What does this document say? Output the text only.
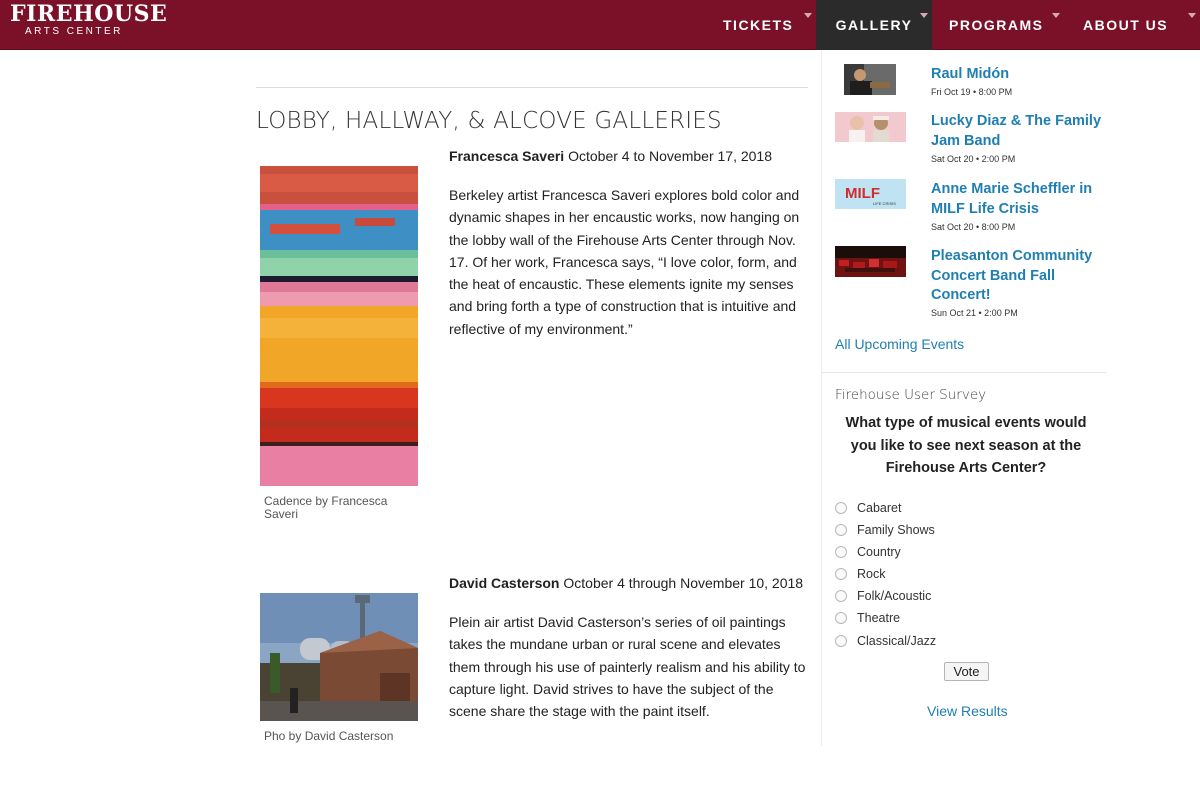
FIREHOUSE
ARTS CENTER	TICKETS	GALLERY	PROGRAMS	ABOUT US
LOBBY, HALLWAY, & ALCOVE GALLERIES
Cadence by Francesca Saveri
Francesca Saveri October 4 to November 17, 2018

Berkeley artist Francesca Saveri explores bold color and dynamic shapes in her encaustic works, now hanging on the lobby wall of the Firehouse Arts Center through Nov. 17. Of her work, Francesca says, “I love color, form, and the heat of encaustic. These elements ignite my senses and bring forth a type of construction that is intuitive and reflective of my environment.”

Pho by David Casterson
David Casterson October 4 through November 10, 2018

Plein air artist David Casterson’s series of oil paintings takes the mundane urban or rural scene and elevates them through his use of painterly realism and his ability to capture light. David strives to have the subject of the scene share the stage with the paint itself.

Raul Midón
Fri Oct 19 • 8:00 PM
Lucky Diaz & The Family Jam Band
Sat Oct 20 • 2:00 PM
MILF
LIFE CRISIS
Anne Marie Scheffler in MILF Life Crisis
Sat Oct 20 • 8:00 PM
Pleasanton Community Concert Band Fall Concert!
Sun Oct 21 • 2:00 PM
All Upcoming Events
Firehouse User Survey
What type of musical events would you like to see next season at the Firehouse Arts Center?
Cabaret
Family Shows
Country
Rock
Folk/Acoustic
Theatre
Classical/Jazz
Vote
View Results
